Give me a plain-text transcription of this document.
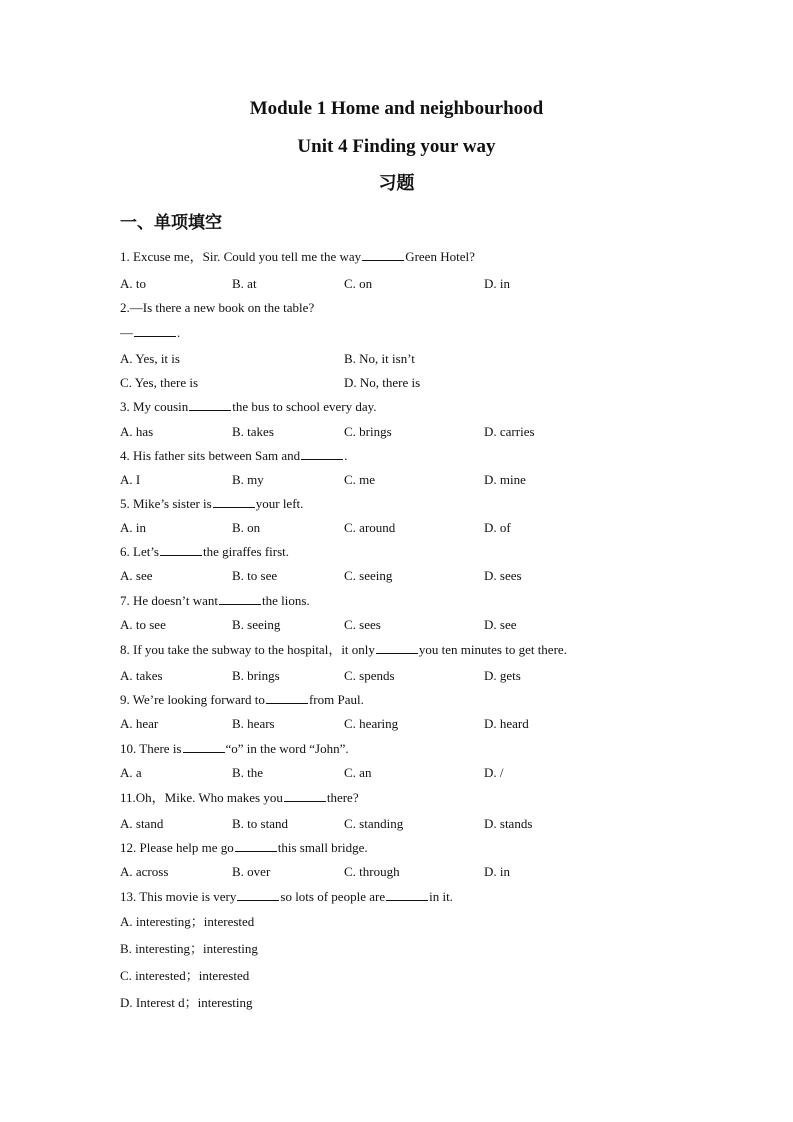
Module 1 Home and neighbourhood
Unit 4 Finding your way
习题
一、单项填空
1. Excuse me，Sir. Could you tell me the way	Green Hotel?
A. to	B. at	C. on	D. in
2.—Is there a new book on the table?
—	.
A. Yes, it is	B. No, it isn’t
C. Yes, there is	D. No, there is
3. My cousin	the bus to school every day.
A. has	B. takes	C. brings	D. carries
4. His father sits between Sam and	.
A. I	B. my	C. me	D. mine
5. Mike’s sister is	your left.
A. in	B. on	C. around	D. of
6. Let’s	the giraffes first.
A. see	B. to see	C. seeing	D. sees
7. He doesn’t want	the lions.
A. to see	B. seeing	C. sees	D. see
8. If you take the subway to the hospital，it only	you ten minutes to get there.
A. takes	B. brings	C. spends	D. gets
9. We’re looking forward to	from Paul.
A. hear	B. hears	C. hearing	D. heard
10. There is	“o” in the word “John”.
A. a	B. the	C. an	D. /
11.Oh，Mike. Who makes you	there?
A. stand	B. to stand	C. standing	D. stands
12. Please help me go	this small bridge.
A. across	B. over	C. through	D. in
13. This movie is very	so lots of people are	in it.
A. interesting；interested
B. interesting；interesting
C. interested；interested
D. Interest d；interesting
